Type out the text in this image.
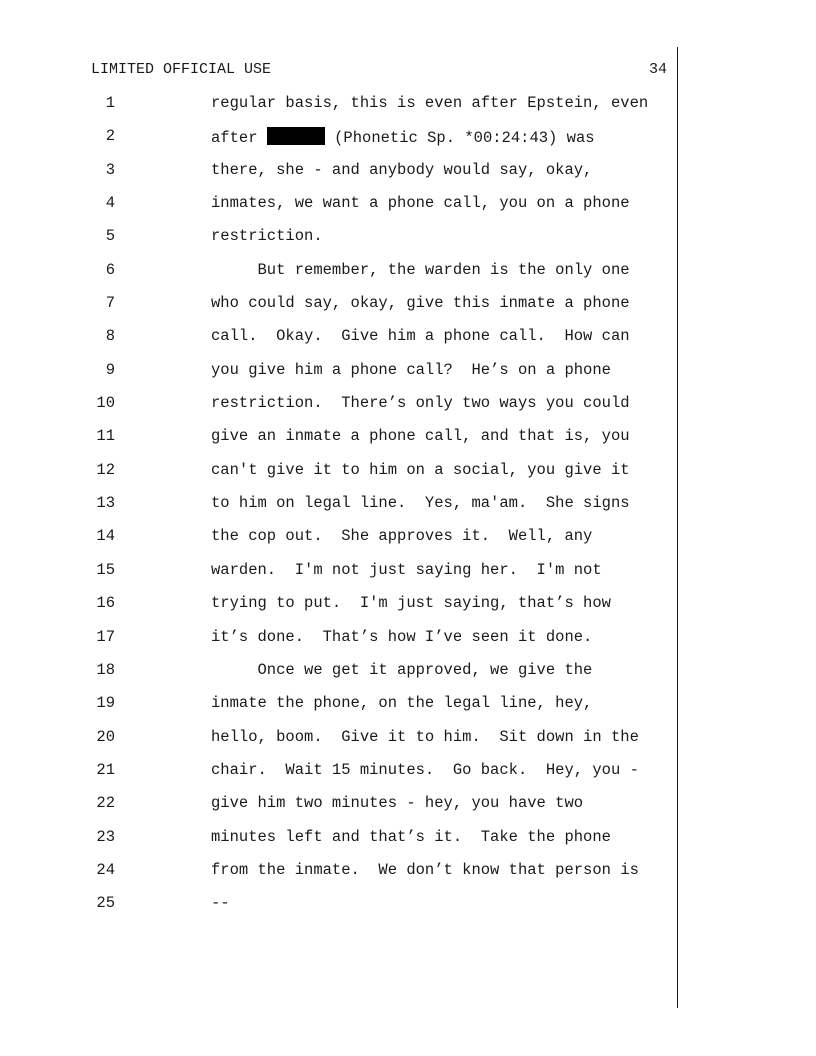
LIMITED OFFICIAL USE	34
1	regular basis, this is even after Epstein, even
2	after	(Phonetic Sp. *00:24:43) was
3	there, she - and anybody would say, okay,
4	inmates, we want a phone call, you on a phone
5	restriction.
6	But remember, the warden is the only one
7	who could say, okay, give this inmate a phone
8	call.  Okay.  Give him a phone call.  How can
9	you give him a phone call?  He’s on a phone
10	restriction.  There’s only two ways you could
11	give an inmate a phone call, and that is, you
12	can't give it to him on a social, you give it
13	to him on legal line.  Yes, ma'am.  She signs
14	the cop out.  She approves it.  Well, any
15	warden.  I'm not just saying her.  I'm not
16	trying to put.  I'm just saying, that’s how
17	it’s done.  That’s how I’ve seen it done.
18	Once we get it approved, we give the
19	inmate the phone, on the legal line, hey,
20	hello, boom.  Give it to him.  Sit down in the
21	chair.  Wait 15 minutes.  Go back.  Hey, you -
22	give him two minutes - hey, you have two
23	minutes left and that’s it.  Take the phone
24	from the inmate.  We don’t know that person is
25	--
